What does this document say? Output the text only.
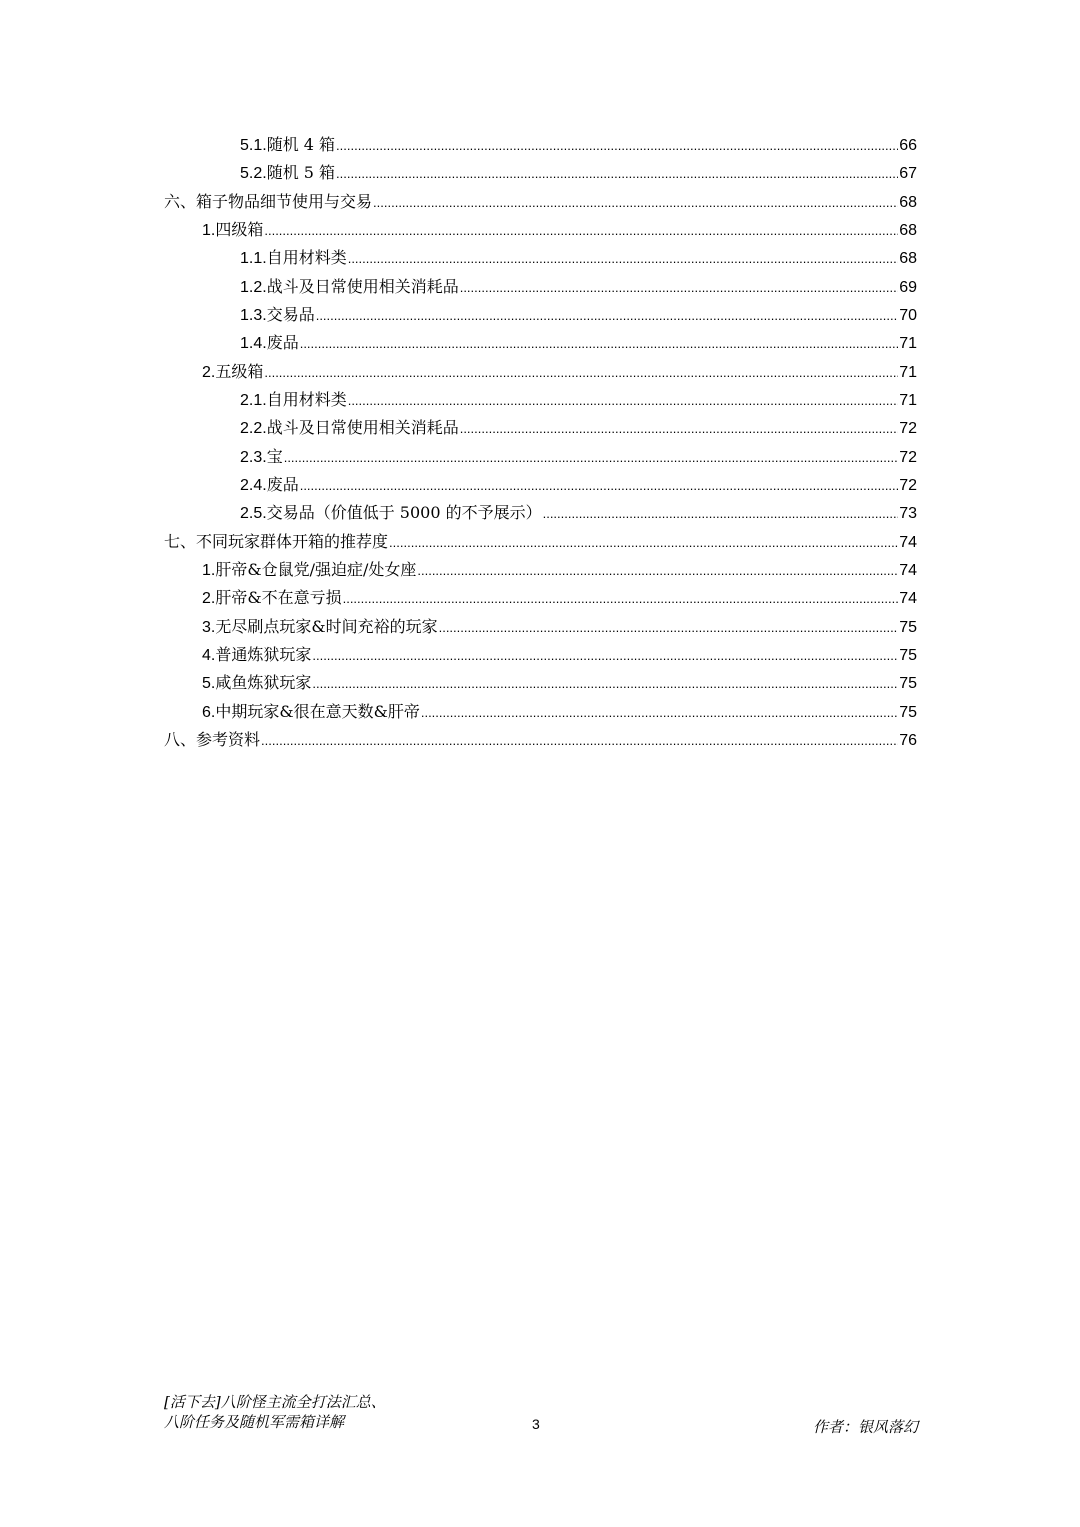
5.1. 随机 4 箱 .....	66
5.2. 随机 5 箱 .....	67
六、 箱子物品细节使用与交易 .....	68
1. 四级箱 .....	68
1.1. 自用材料类 .....	68
1.2. 战斗及日常使用相关消耗品 .....	69
1.3. 交易品 .....	70
1.4. 废品 .....	71
2. 五级箱 .....	71
2.1. 自用材料类 .....	71
2.2. 战斗及日常使用相关消耗品 .....	72
2.3. 宝 .....	72
2.4. 废品 .....	72
2.5. 交易品（价值低于 5000 的不予展示） .....	73
七、 不同玩家群体开箱的推荐度 .....	74
1. 肝帝&仓鼠党/强迫症/处女座 .....	74
2. 肝帝&不在意亏损 .....	74
3. 无尽刷点玩家&时间充裕的玩家 .....	75
4. 普通炼狱玩家 .....	75
5. 咸鱼炼狱玩家 .....	75
6. 中期玩家&很在意天数&肝帝 .....	75
八、 参考资料 .....	76
[活下去]八阶怪主流全打法汇总、
八阶任务及随机军需箱详解	3	作者：银风落幻
